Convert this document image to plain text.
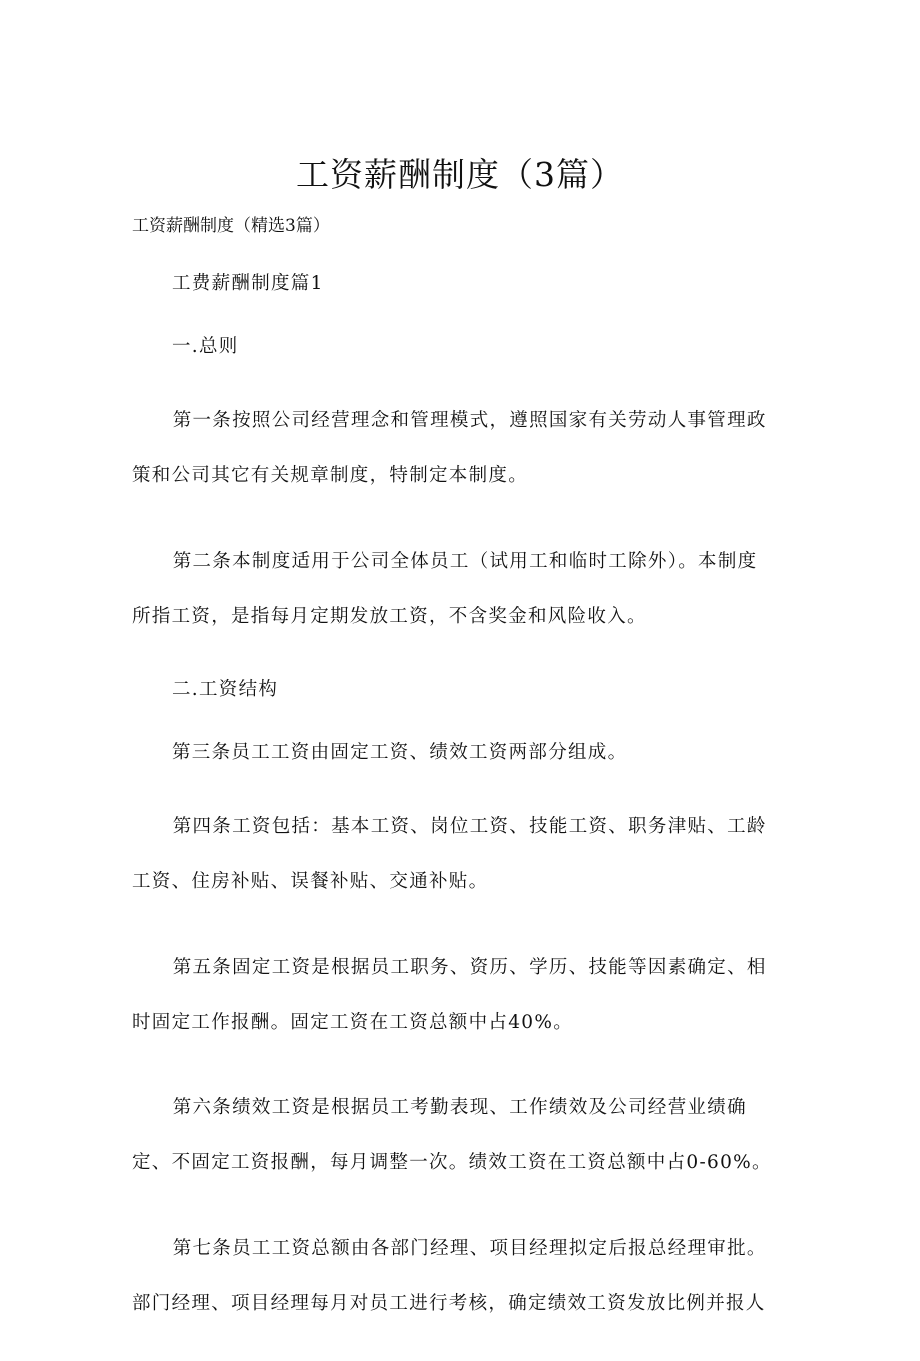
工资薪酬制度（3篇）
工资薪酬制度（精选3篇）
工费薪酬制度篇1
一.总则
第一条按照公司经营理念和管理模式，遵照国家有关劳动人事管理政
策和公司其它有关规章制度，特制定本制度。
第二条本制度适用于公司全体员工（试用工和临时工除外）。本制度
所指工资，是指每月定期发放工资，不含奖金和风险收入。
二.工资结构
第三条员工工资由固定工资、绩效工资两部分组成。
第四条工资包括：基本工资、岗位工资、技能工资、职务津贴、工龄
工资、住房补贴、误餐补贴、交通补贴。
第五条固定工资是根据员工职务、资历、学历、技能等因素确定、相
时固定工作报酬。固定工资在工资总额中占40%。
第六条绩效工资是根据员工考勤表现、工作绩效及公司经营业绩确
定、不固定工资报酬，每月调整一次。绩效工资在工资总额中占0-60%。
第七条员工工资总额由各部门经理、项目经理拟定后报总经理审批。
部门经理、项目经理每月对员工进行考核，确定绩效工资发放比例并报人
